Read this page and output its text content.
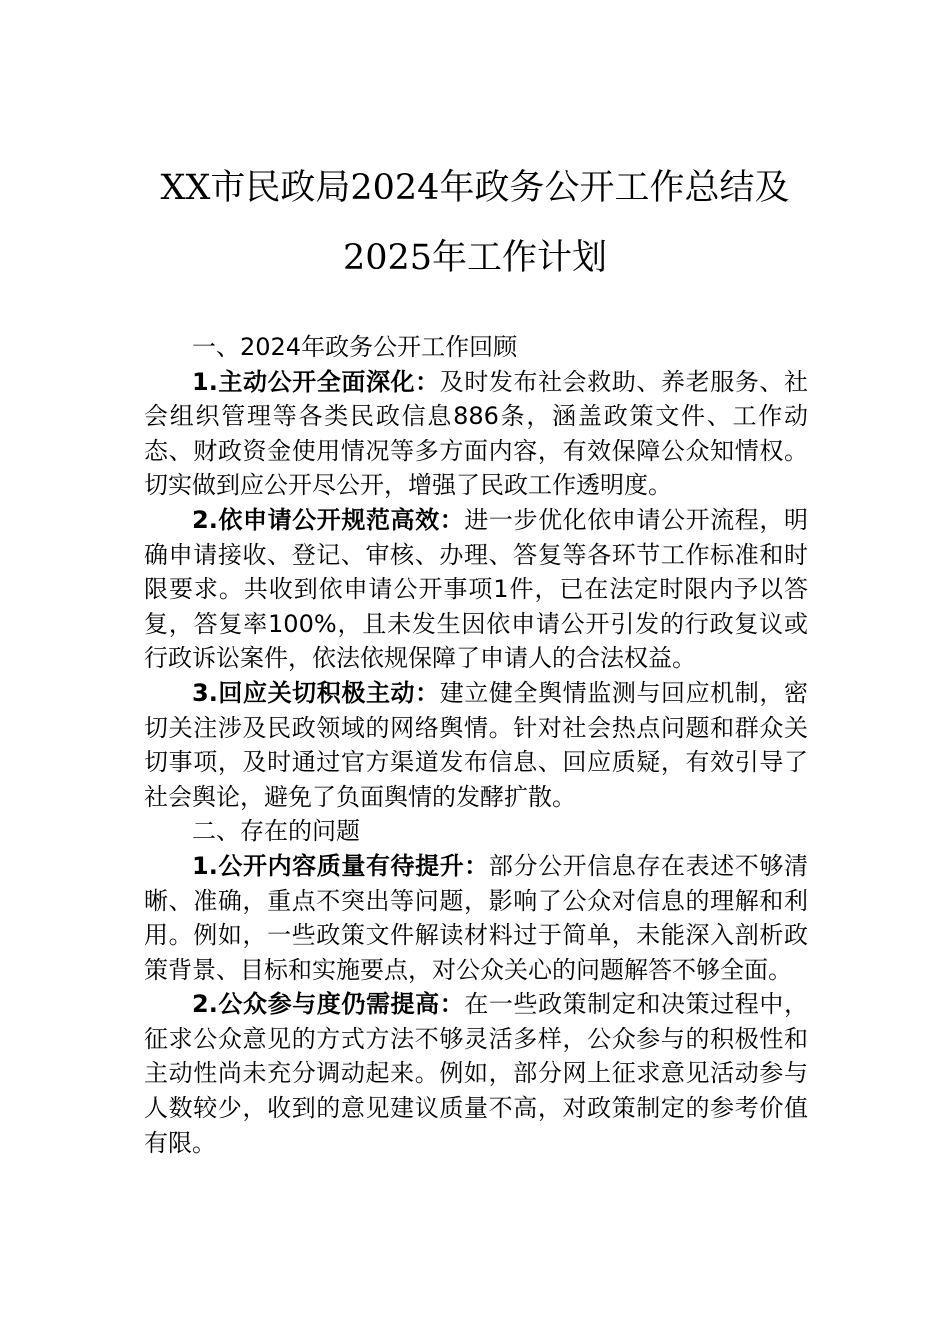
XX市民政局2024年政务公开工作总结及
2025年工作计划

一、2024年政务公开工作回顾

1.主动公开全面深化：及时发布社会救助、养老服务、社会组织管理等各类民政信息886条，涵盖政策文件、工作动态、财政资金使用情况等多方面内容，有效保障公众知情权。切实做到应公开尽公开，增强了民政工作透明度。

2.依申请公开规范高效：进一步优化依申请公开流程，明确申请接收、登记、审核、办理、答复等各环节工作标准和时限要求。共收到依申请公开事项1件，已在法定时限内予以答复，答复率100%，且未发生因依申请公开引发的行政复议或行政诉讼案件，依法依规保障了申请人的合法权益。

3.回应关切积极主动：建立健全舆情监测与回应机制，密切关注涉及民政领域的网络舆情。针对社会热点问题和群众关切事项，及时通过官方渠道发布信息、回应质疑，有效引导了社会舆论，避免了负面舆情的发酵扩散。

二、存在的问题

1.公开内容质量有待提升：部分公开信息存在表述不够清晰、准确，重点不突出等问题，影响了公众对信息的理解和利用。例如，一些政策文件解读材料过于简单，未能深入剖析政策背景、目标和实施要点，对公众关心的问题解答不够全面。

2.公众参与度仍需提高：在一些政策制定和决策过程中，征求公众意见的方式方法不够灵活多样，公众参与的积极性和主动性尚未充分调动起来。例如，部分网上征求意见活动参与人数较少，收到的意见建议质量不高，对政策制定的参考价值有限。
